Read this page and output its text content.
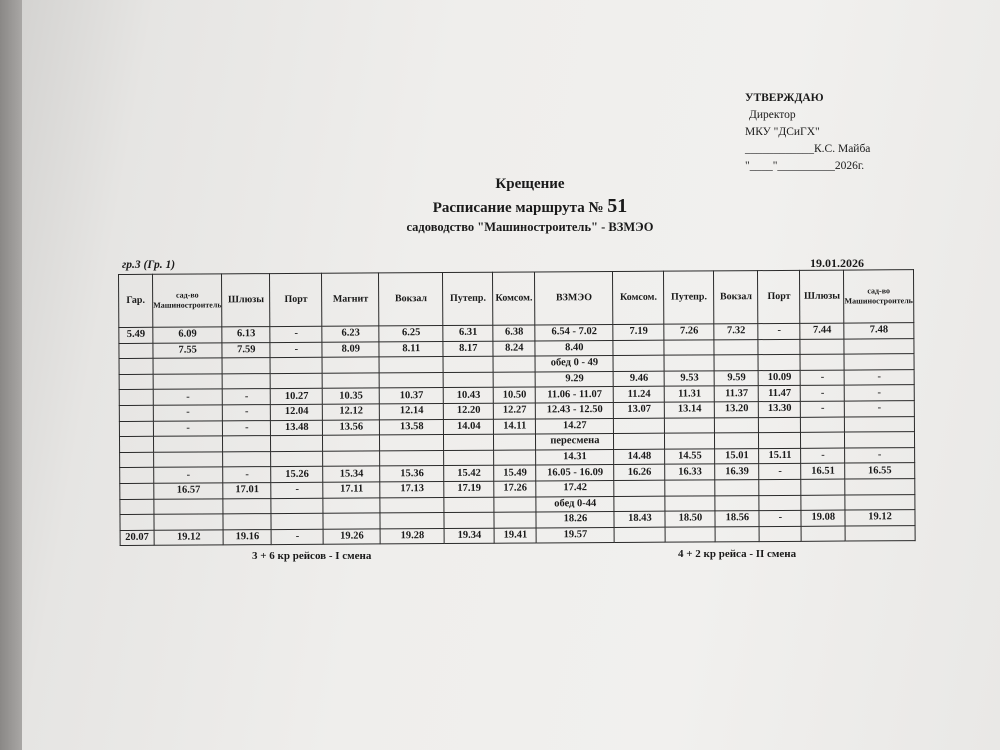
УТВЕРЖДАЮ
Директор
МКУ "ДСиГХ"
____________К.С. Майба
"____"__________2026г.
Крещение
Расписание маршрута № 51
садоводство "Машиностроитель" - ВЗМЭО
гр.3 (Гр. 1)	19.01.2026
Гар.	сад-во Машиностроитель	Шлюзы	Порт	Магнит	Вокзал	Путепр.	Комсом.	ВЗМЭО	Комсом.	Путепр.	Вокзал	Порт	Шлюзы	сад-во Машиностроитель
5.49	6.09	6.13	-	6.23	6.25	6.31	6.38	6.54 - 7.02	7.19	7.26	7.32	-	7.44	7.48
	7.55	7.59	-	8.09	8.11	8.17	8.24	8.40						
								обед 0 - 49						
								9.29	9.46	9.53	9.59	10.09	-	-
	-	-	10.27	10.35	10.37	10.43	10.50	11.06 - 11.07	11.24	11.31	11.37	11.47	-	-
	-	-	12.04	12.12	12.14	12.20	12.27	12.43 - 12.50	13.07	13.14	13.20	13.30	-	-
	-	-	13.48	13.56	13.58	14.04	14.11	14.27						
								пересмена						
								14.31	14.48	14.55	15.01	15.11	-	-
	-	-	15.26	15.34	15.36	15.42	15.49	16.05 - 16.09	16.26	16.33	16.39	-	16.51	16.55
	16.57	17.01	-	17.11	17.13	17.19	17.26	17.42						
								обед 0-44						
								18.26	18.43	18.50	18.56	-	19.08	19.12
20.07	19.12	19.16	-	19.26	19.28	19.34	19.41	19.57						
3 + 6 кр рейсов - I смена	4 + 2 кр рейса - II смена
